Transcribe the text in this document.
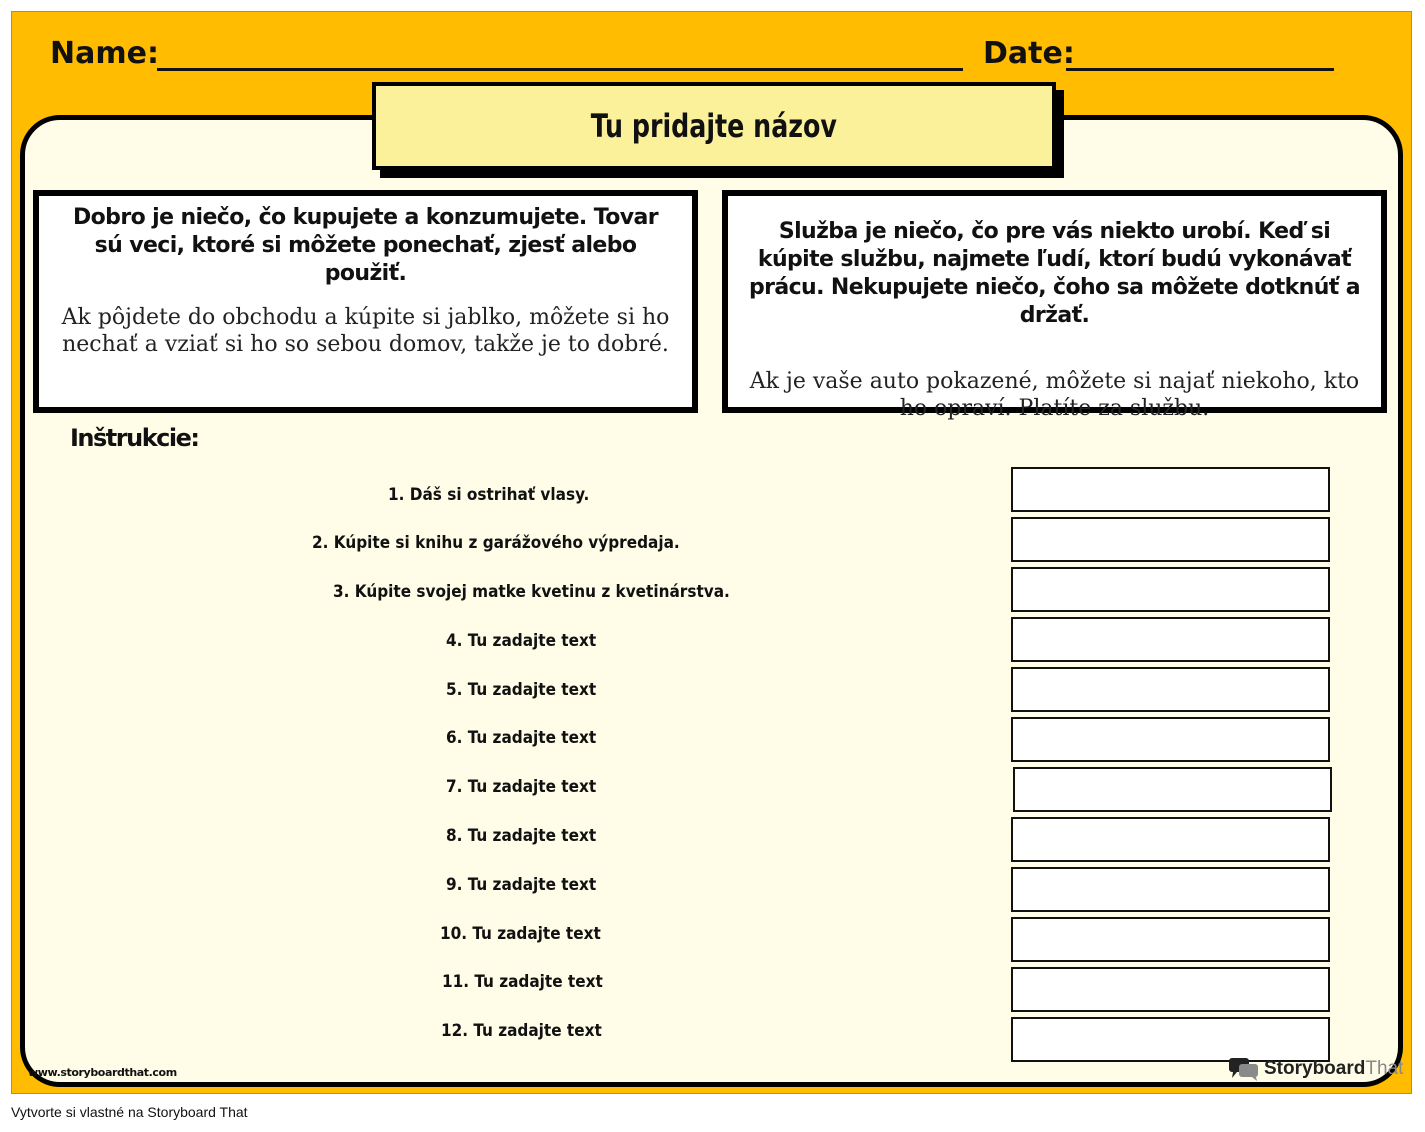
Name:	Date:
Tu pridajte názov
Dobro je niečo, čo kupujete a konzumujete. Tovar sú veci, ktoré si môžete ponechať, zjesť alebo použiť.
Ak pôjdete do obchodu a kúpite si jablko, môžete si ho nechať a vziať si ho so sebou domov, takže je to dobré.
Služba je niečo, čo pre vás niekto urobí. Keď si kúpite službu, najmete ľudí, ktorí budú vykonávať prácu. Nekupujete niečo, čoho sa môžete dotknúť a držať.
Ak je vaše auto pokazené, môžete si najať niekoho, kto ho opraví. Platíte za službu.
Inštrukcie:
1. Dáš si ostrihať vlasy.
2. Kúpite si knihu z garážového výpredaja.
3. Kúpite svojej matke kvetinu z kvetinárstva.
4. Tu zadajte text
5. Tu zadajte text
6. Tu zadajte text
7. Tu zadajte text
8. Tu zadajte text
9. Tu zadajte text
10. Tu zadajte text
11. Tu zadajte text
12. Tu zadajte text
www.storyboardthat.com	StoryboardThat
Vytvorte si vlastné na Storyboard That
